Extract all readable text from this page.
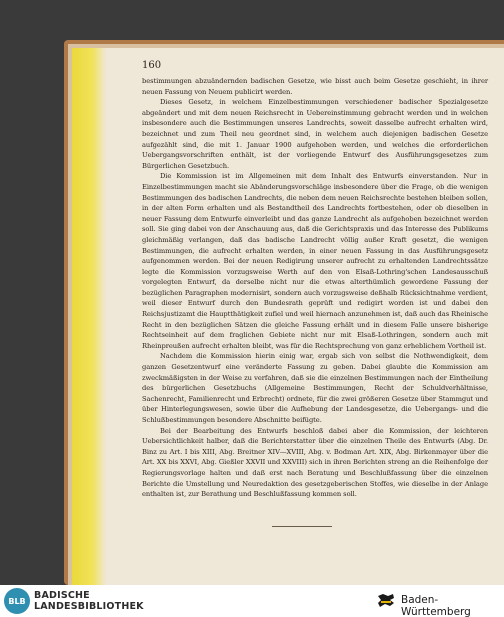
160

bestimmungen abzuändernden badischen Gesetze, wie bisst auch beim Gesetze geschieht, in ihrer neuen Fassung von Neuem publicirt werden.

Dieses Gesetz, in welchem Einzelbestimmungen verschiedener badischer Spezialgesetze abgeändert und mit dem neuen Reichsrecht in Uebereinstimmung gebracht werden und in welchen insbesondere auch die Bestimmungen unseres Landrechts, soweit dasselbe aufrecht erhalten wird, bezeichnet und zum Theil neu geordnet sind, in welchem auch diejenigen badischen Gesetze aufgezählt sind, die mit 1. Januar 1900 aufgehoben werden, und welches die erforderlichen Uebergangsvorschriften enthält, ist der vorliegende Entwurf des Ausführungsgesetzes zum Bürgerlichen Gesetzbuch.

Die Kommission ist im Allgemeinen mit dem Inhalt des Entwurfs einverstanden. Nur in Einzelbestimmungen macht sie Abänderungsvorschläge insbesondere über die Frage, ob die wenigen Bestimmungen des badischen Landrechts, die neben dem neuen Reichsrechte bestehen bleiben sollen, in der alten Form erhalten und als Bestandtheil des Landrechts fortbestehen, oder ob dieselben in neuer Fassung dem Entwurfe einverleibt und das ganze Landrecht als aufgehoben bezeichnet werden soll. Sie ging dabei von der Anschauung aus, daß die Gerichtspraxis und das Interesse des Publikums gleichmäßig verlangen, daß das badische Landrecht völlig außer Kraft gesetzt, die wenigen Bestimmungen, die aufrecht erhalten werden, in einer neuen Fassung in das Ausführungsgesetz aufgenommen werden. Bei der neuen Redigirung unserer aufrecht zu erhaltenden Landrechtssätze legte die Kommission vorzugsweise Werth auf den von Elsaß-Lothring'schen Landesausschuß vorgelegten Entwurf, da derselbe nicht nur die etwas alterthümlich gewordene Fassung der bezüglichen Paragraphen modernisirt, sondern auch vorzugsweise deßhalb Rücksichtnahme verdient, weil dieser Entwurf durch den Bundesrath geprüft und redigirt worden ist und dabei den Reichsjustizamt die Hauptthätigkeit zufiel und weil hiernach anzunehmen ist, daß auch das Rheinische Recht in den bezüglichen Sätzen die gleiche Fassung erhält und in diesem Falle unsere bisherige Rechtseinheit auf dem fraglichen Gebiete nicht nur mit Elsaß-Lothringen, sondern auch mit Rheinpreußen aufrecht erhalten bleibt, was für die Rechtsprechung von ganz erheblichem Vortheil ist.

Nachdem die Kommission hierin einig war, ergab sich von selbst die Nothwendigkeit, dem ganzen Gesetzentwurf eine veränderte Fassung zu geben. Dabei glaubte die Kommission am zweckmäßigsten in der Weise zu verfahren, daß sie die einzelnen Bestimmungen nach der Eintheilung des bürgerlichen Gesetzbuchs (Allgemeine Bestimmungen, Recht der Schuldverhältnisse, Sachenrecht, Familienrecht und Erbrecht) ordnete, für die zwei größeren Gesetze über Stammgut und über Hinterlegungswesen, sowie über die Aufhebung der Landesgesetze, die Uebergangs- und die Schlußbestimmungen besondere Abschnitte beifügte.

Bei der Bearbeitung des Entwurfs beschloß dabei aber die Kommission, der leichteren Uebersichtlichkeit halber, daß die Berichterstatter über die einzelnen Theile des Entwurfs (Abg. Dr. Binz zu Art. I bis XIII, Abg. Breitner XIV—XVIII, Abg. v. Bodman Art. XIX, Abg. Birkenmayer über die Art. XX bis XXVI, Abg. Gießler XXVII und XXVIII) sich in ihren Berichten streng an die Reihenfolge der Regierungsvorlage halten und daß erst nach Beratung und Beschlußfassung über die einzelnen Berichte die Umstellung und Neuredaktion des gesetzgeberischen Stoffes, wie dieselbe in der Anlage enthalten ist, zur Berathung und Beschlußfassung kommen soll.

BLB BADISCHE
LANDESBIBLIOTHEK
Baden-Württemberg
